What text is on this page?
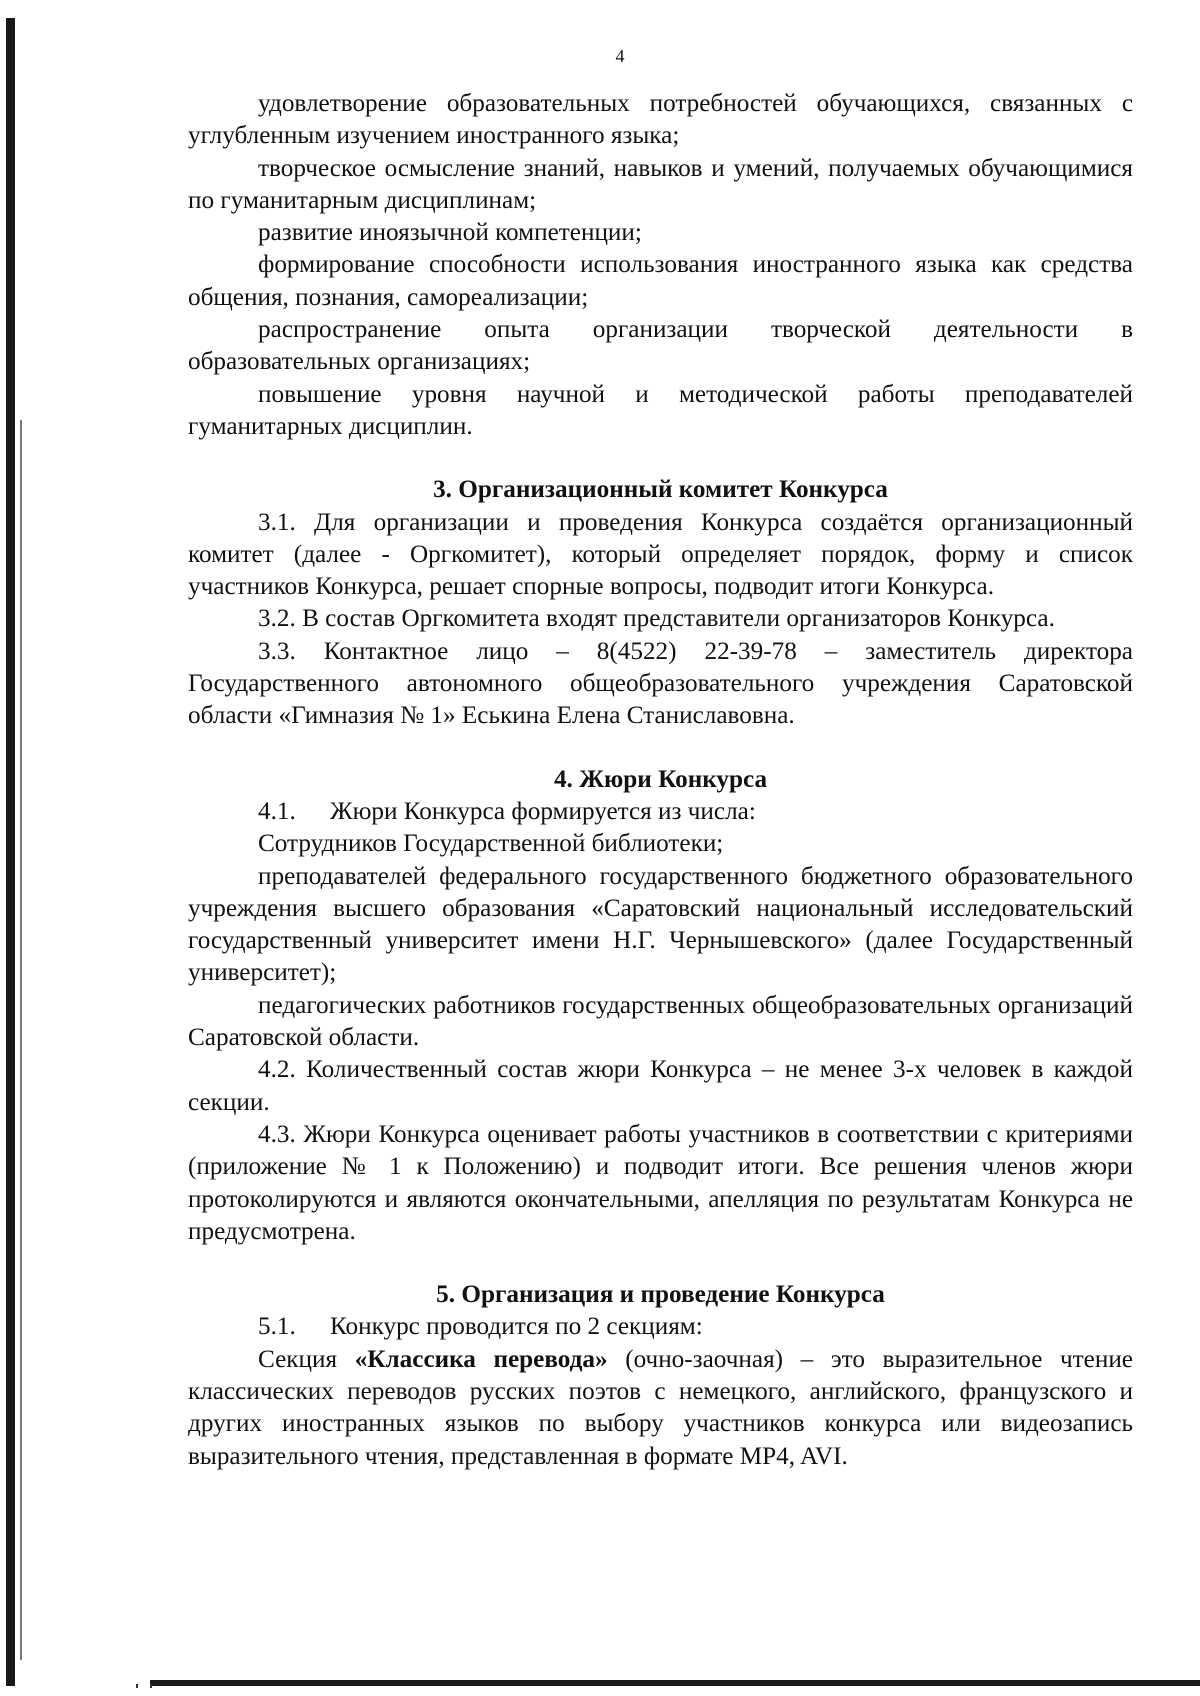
4

удовлетворение образовательных потребностей обучающихся, связанных с углубленным изучением иностранного языка;

творческое осмысление знаний, навыков и умений, получаемых обучающимися по гуманитарным дисциплинам;

развитие иноязычной компетенции;

формирование способности использования иностранного языка как средства общения, познания, самореализации;

распространение опыта организации творческой деятельности в образовательных организациях;

повышение уровня научной и методической работы преподавателей гуманитарных дисциплин.

3. Организационный комитет Конкурса

3.1. Для организации и проведения Конкурса создаётся организационный комитет (далее - Оргкомитет), который определяет порядок, форму и список участников Конкурса, решает спорные вопросы, подводит итоги Конкурса.

3.2. В состав Оргкомитета входят представители организаторов Конкурса.

3.3. Контактное лицо – 8(4522) 22-39-78 – заместитель директора Государственного автономного общеобразовательного учреждения Саратовской области «Гимназия № 1» Еськина Елена Станиславовна.

4. Жюри Конкурса

4.1. Жюри Конкурса формируется из числа:

Сотрудников Государственной библиотеки;

преподавателей федерального государственного бюджетного образовательного учреждения высшего образования «Саратовский национальный исследовательский государственный университет имени Н.Г. Чернышевского» (далее Государственный университет);

педагогических работников государственных общеобразовательных организаций Саратовской области.

4.2. Количественный состав жюри Конкурса – не менее 3-х человек в каждой секции.

4.3. Жюри Конкурса оценивает работы участников в соответствии с критериями (приложение № 1 к Положению) и подводит итоги. Все решения членов жюри протоколируются и являются окончательными, апелляция по результатам Конкурса не предусмотрена.

5. Организация и проведение Конкурса

5.1. Конкурс проводится по 2 секциям:

Секция «Классика перевода» (очно-заочная) – это выразительное чтение классических переводов русских поэтов с немецкого, английского, французского и других иностранных языков по выбору участников конкурса или видеозапись выразительного чтения, представленная в формате MP4, AVI.
